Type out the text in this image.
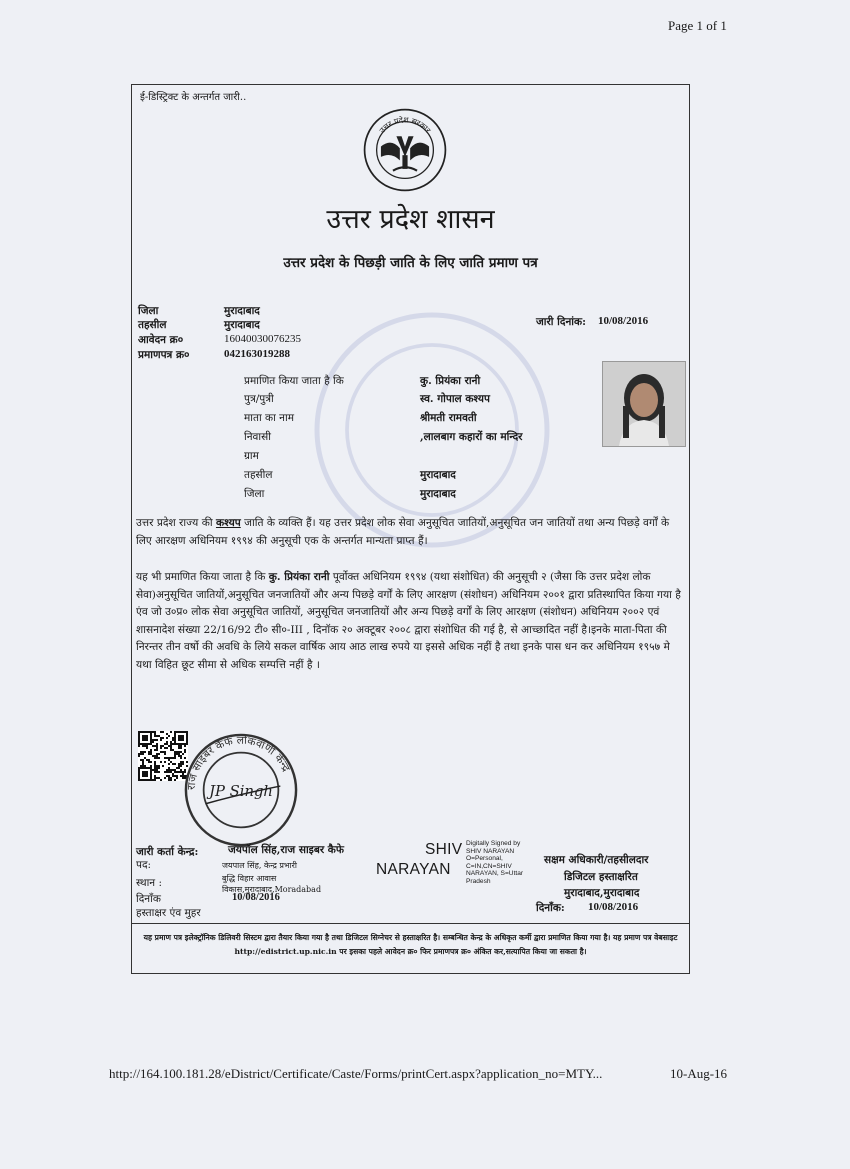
Page 1 of 1
ई-डिस्ट्रिक्ट के अन्तर्गत जारी..
उत्तर प्रदेश सरकार
उत्तर प्रदेश शासन
उत्तर प्रदेश के पिछड़ी जाति के लिए जाति प्रमाण पत्र
जिला	मुरादाबाद
तहसील	मुरादाबाद
आवेदन क्र०	16040030076235
प्रमाणपत्र क्र०	042163019288
जारी दिनांक: 10/08/2016
प्रमाणित किया जाता है कि	कु. प्रियंका रानी
पुत्र/पुत्री	स्व. गोपाल कश्यप
माता का नाम	श्रीमती रामवती
निवासी	,लालबाग कहारों का मन्दिर
ग्राम
तहसील	मुरादाबाद
जिला	मुरादाबाद
उत्तर प्रदेश राज्य की कश्यप जाति के व्यक्ति हैं। यह उत्तर प्रदेश लोक सेवा अनुसूचित जातियों,अनुसूचित जन जातियों तथा अन्य पिछड़े वर्गों के लिए आरक्षण अधिनियम १९९४ की अनुसूची एक के अन्तर्गत मान्यता प्राप्त हैं।
यह भी प्रमाणित किया जाता है कि कु. प्रियंका रानी पूर्वोक्त अधिनियम १९९४ (यथा संशोधित) की अनुसूची २ (जैसा कि उत्तर प्रदेश लोक सेवा)अनुसूचित जातियों,अनुसूचित जनजातियों और अन्य पिछड़े वर्गों के लिए आरक्षण (संशोधन) अधिनियम २००१ द्वारा प्रतिस्थापित किया गया है एंव जो उ०प्र० लोक सेवा अनुसूचित जातियों, अनुसूचित जनजातियों और अन्य पिछड़े वर्गों के लिए आरक्षण (संशोधन) अधिनियम २००२ एवं शासनादेश संख्या 22/16/92 टी० सी०-III , दिनॉक २० अक्टूबर २००८ द्वारा संशोधित की गई है, से आच्छादित नहीं है।इनके माता-पिता की निरन्तर तीन वर्षो की अवधि के लिये सकल वार्षिक आय आठ लाख रुपये या इससे अधिक नहीं है तथा इनके पास धन कर अधिनियम १९५७ मे यथा विहित छूट सीमा से अधिक सम्पत्ति नहीं है ।
राज साइबर कैफे लोकवाणी केन्द्र
JP Singh
जारी कर्ता केन्द्र:	जयपॉल सिंह,राज साइबर कैफे
पद:	जयपाल सिंह, केन्द्र प्रभारी
स्थान :	बुद्धि विहार आवास
विकास,मुरादाबाद,Moradabad
दिनॉंक	10/08/2016
हस्ताक्षर एंव मुहर
SHIV
NARAYAN
Digitally Signed by
SHIV NARAYAN
O=Personal,
C=IN,CN=SHIV
NARAYAN, S=Uttar
Pradesh
सक्षम अधिकारी/तहसीलदार
डिजिटल हस्ताक्षरित
मुरादाबाद,मुरादाबाद
दिनॉंक: 10/08/2016
यह प्रमाण पत्र इलेक्ट्रॉनिक डिलिवरी सिस्टम द्वारा तैयार किया गया है तथा डिजिटल सिग्नेचर से हस्ताक्षरित है। सम्बन्धित केन्द्र के अधिकृत कर्मी द्वारा प्रमाणित किया गया है। यह प्रमाण पत्र वेबसाइट http://edistrict.up.nic.in पर इसका पहले आवेदन क्र० फिर प्रमाणपत्र क्र० अंकित कर,सत्यापित किया जा सकता है।
http://164.100.181.28/eDistrict/Certificate/Caste/Forms/printCert.aspx?application_no=MTY...	10-Aug-16
